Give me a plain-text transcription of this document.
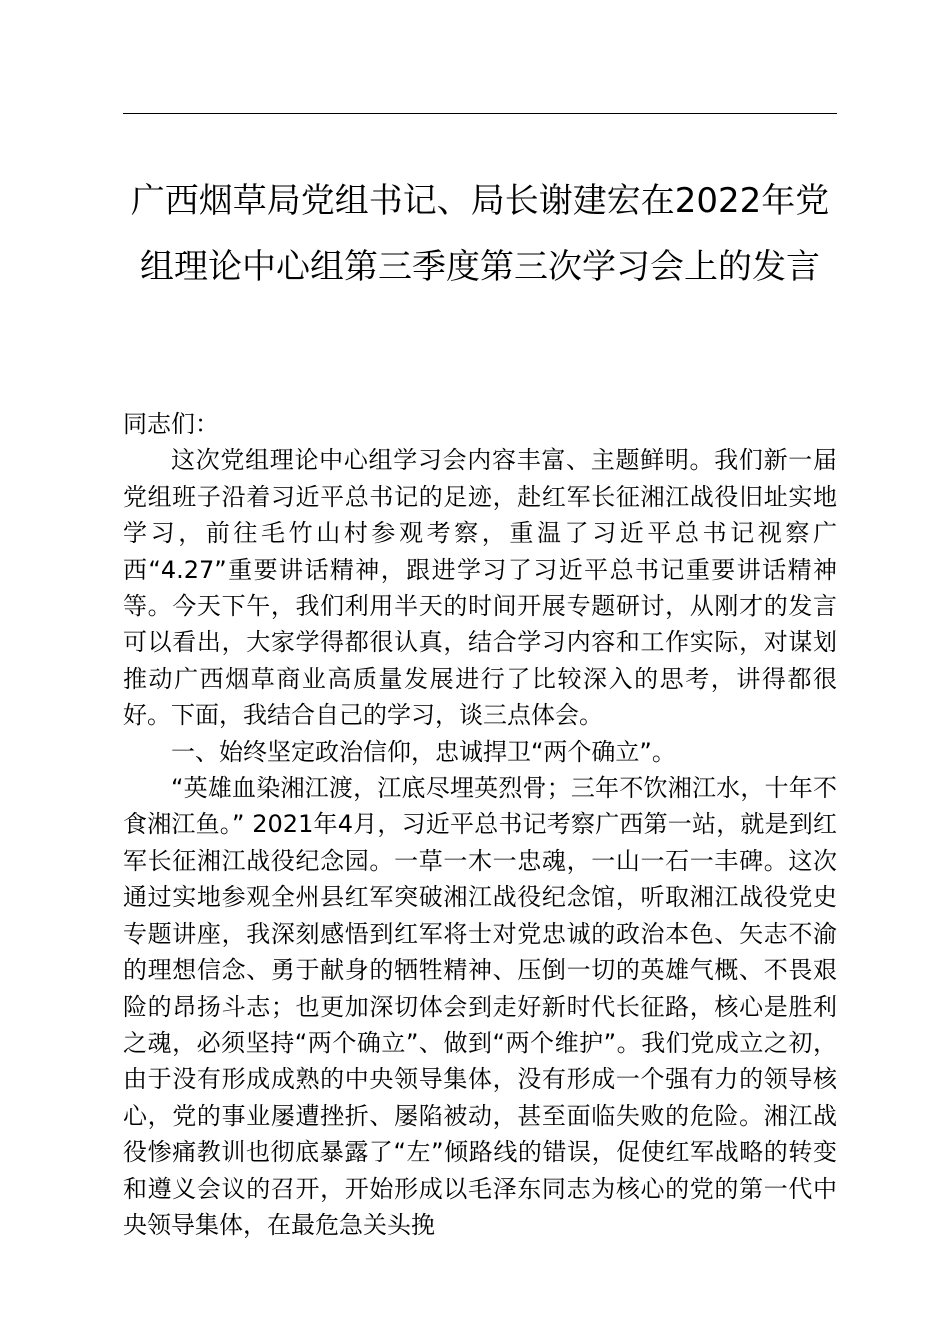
广西烟草局党组书记、局长谢建宏在2022年党组理论中心组第三季度第三次学习会上的发言

同志们：

这次党组理论中心组学习会内容丰富、主题鲜明。我们新一届党组班子沿着习近平总书记的足迹，赴红军长征湘江战役旧址实地学习，前往毛竹山村参观考察，重温了习近平总书记视察广西“4.27”重要讲话精神，跟进学习了习近平总书记重要讲话精神等。今天下午，我们利用半天的时间开展专题研讨，从刚才的发言可以看出，大家学得都很认真，结合学习内容和工作实际，对谋划推动广西烟草商业高质量发展进行了比较深入的思考，讲得都很好。下面，我结合自己的学习，谈三点体会。

一、始终坚定政治信仰，忠诚捍卫“两个确立”。

“英雄血染湘江渡，江底尽埋英烈骨；三年不饮湘江水，十年不食湘江鱼。” 2021年4月，习近平总书记考察广西第一站，就是到红军长征湘江战役纪念园。一草一木一忠魂，一山一石一丰碑。这次通过实地参观全州县红军突破湘江战役纪念馆，听取湘江战役党史专题讲座，我深刻感悟到红军将士对党忠诚的政治本色、矢志不渝的理想信念、勇于献身的牺牲精神、压倒一切的英雄气概、不畏艰险的昂扬斗志；也更加深切体会到走好新时代长征路，核心是胜利之魂，必须坚持“两个确立”、做到“两个维护”。我们党成立之初，由于没有形成成熟的中央领导集体，没有形成一个强有力的领导核心，党的事业屡遭挫折、屡陷被动，甚至面临失败的危险。湘江战役惨痛教训也彻底暴露了“左”倾路线的错误，促使红军战略的转变和遵义会议的召开，开始形成以毛泽东同志为核心的党的第一代中央领导集体，在最危急关头挽
